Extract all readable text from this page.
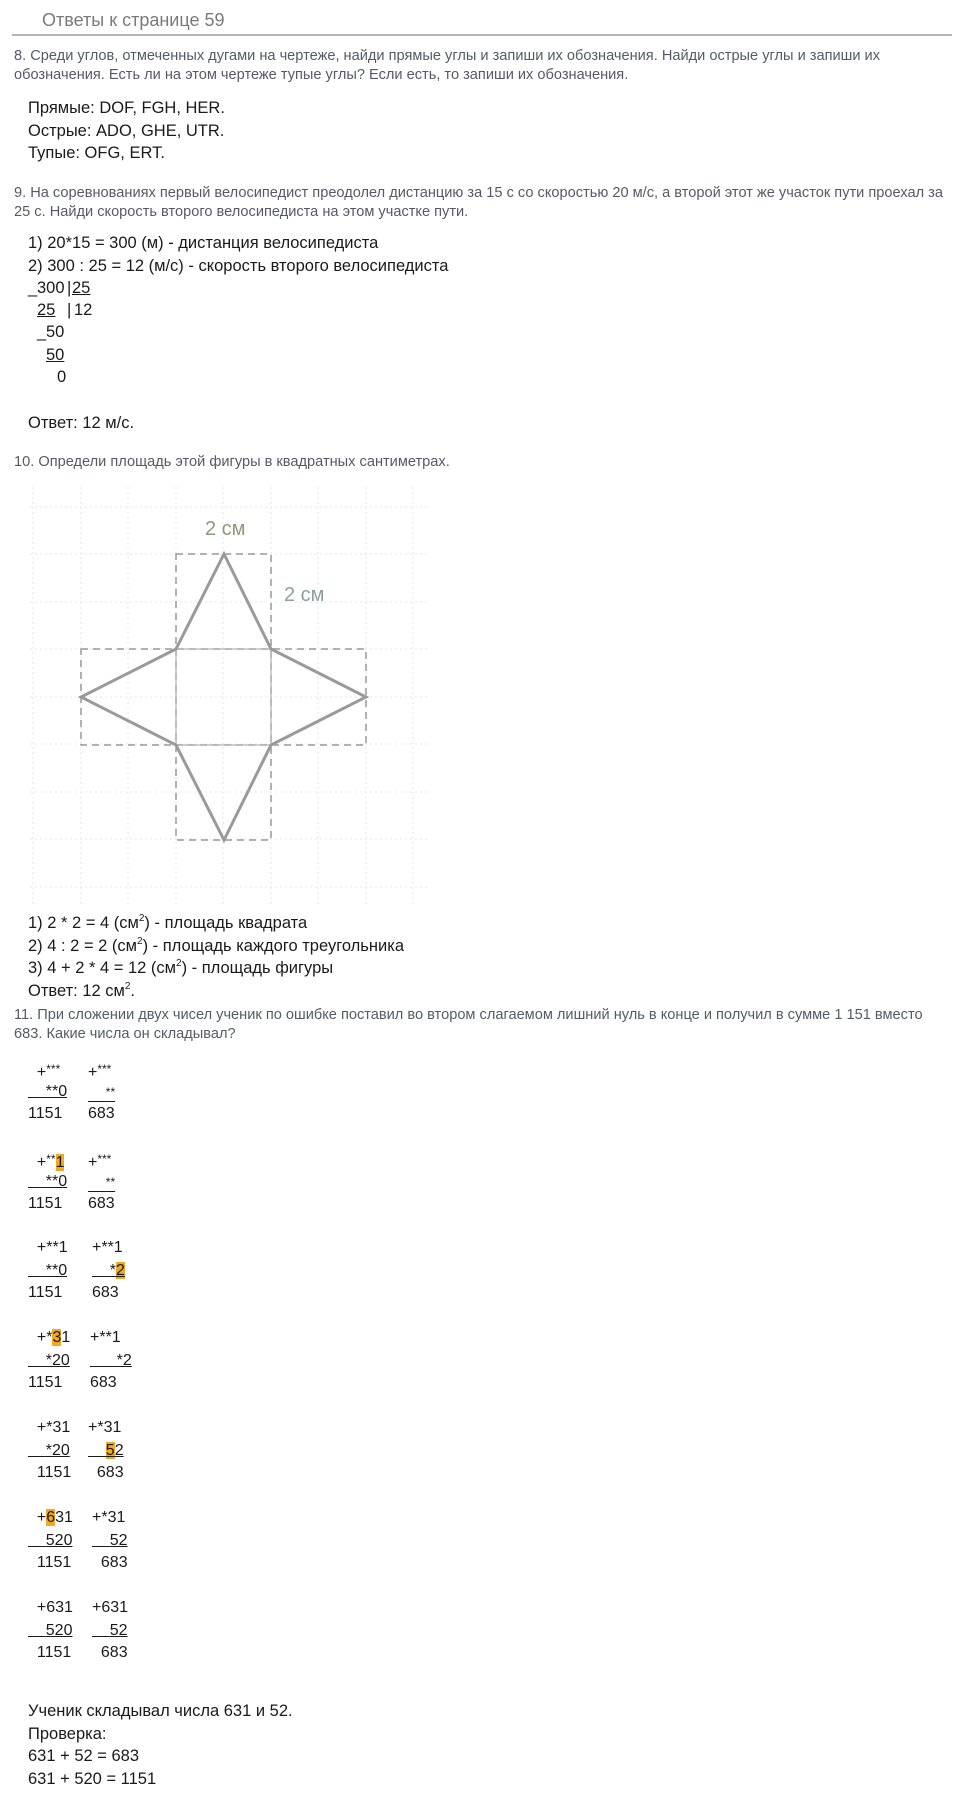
Ответы к странице 59
8. Среди углов, отмеченных дугами на чертеже, найди прямые углы и запиши их обозначения. Найди острые углы и запиши их обозначения. Есть ли на этом чертеже тупые углы? Если есть, то запиши их обозначения.
Прямые: DOF, FGH, HER.
Острые: ADO, GHE, UTR.
Тупые: OFG, ERT.
9. На соревнованиях первый велосипедист преодолел дистанцию за 15 с со скоростью 20 м/с, а второй этот же участок пути проехал за 25 с. Найди скорость второго велосипедиста на этом участке пути.
1) 20*15 = 300 (м) - дистанция велосипедиста
2) 300 : 25 = 12 (м/с) - скорость второго велосипедиста
_ 300 | 25
25 | 12
_ 50
50
0
Ответ: 12 м/с.
10. Определи площадь этой фигуры в квадратных сантиметрах.
2 см
2 см
1) 2 * 2 = 4 $(см^2)$ - площадь квадрата
2) 4 : 2 = 2 $(см^2)$ - площадь каждого треугольника
3) 4 + 2 * 4 = 12 $(см^2)$ - площадь фигуры
Ответ: 12 $см^2$.
11. При сложении двух чисел ученик по ошибке поставил во втором слагаемом лишний нуль в конце и получил в сумме 1 151 вместо 683. Какие числа он складывал?
+***
**0
1151
+***
**
683
+**1
**0
1151
+***
**
683
+**1
**0
1151
+**1
*2
683
+*31
*20
1151
+**1
*2
683
+*31
*20
1151
+*31
52
683
+631
520
1151
+*31
52
683
+631
520
1151
+631
52
683
Ученик складывал числа 631 и 52.
Проверка:
631 + 52 = 683
631 + 520 = 1151
